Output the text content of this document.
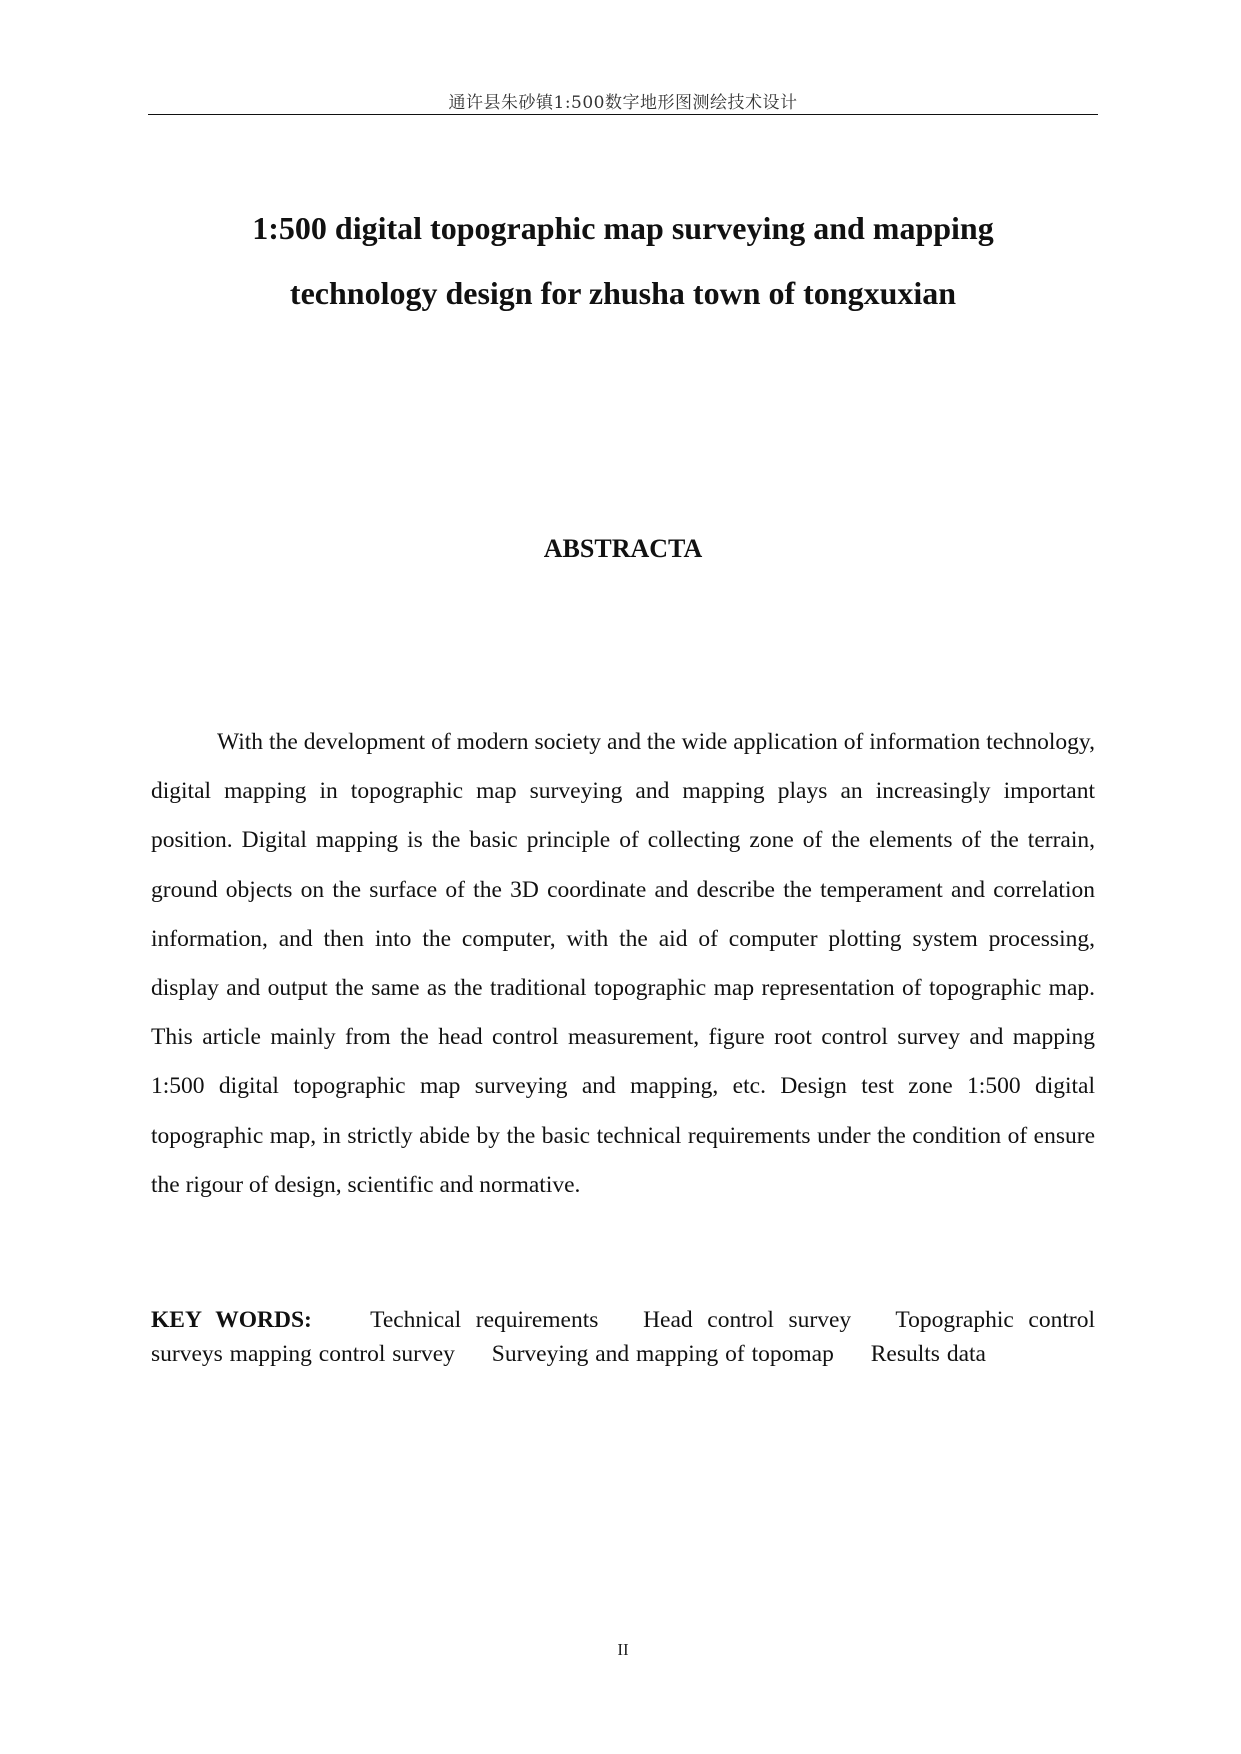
通许县朱砂镇1:500数字地形图测绘技术设计
1:500 digital topographic map surveying and mapping
technology design for zhusha town of tongxuxian
ABSTRACTA

With the development of modern society and the wide application of information technology, digital mapping in topographic map surveying and mapping plays an increasingly important position. Digital mapping is the basic principle of collecting zone of the elements of the terrain, ground objects on the surface of the 3D coordinate and describe the temperament and correlation information, and then into the computer, with the aid of computer plotting system processing, display and output the same as the traditional topographic map representation of topographic map. This article mainly from the head control measurement, figure root control survey and mapping 1:500 digital topographic map surveying and mapping, etc. Design test zone 1:500 digital topographic map, in strictly abide by the basic technical requirements under the condition of ensure the rigour of design, scientific and normative.

KEY WORDS: Technical requirements Head control survey Topographic control surveys mapping control survey Surveying and mapping of topomap Results data

II
